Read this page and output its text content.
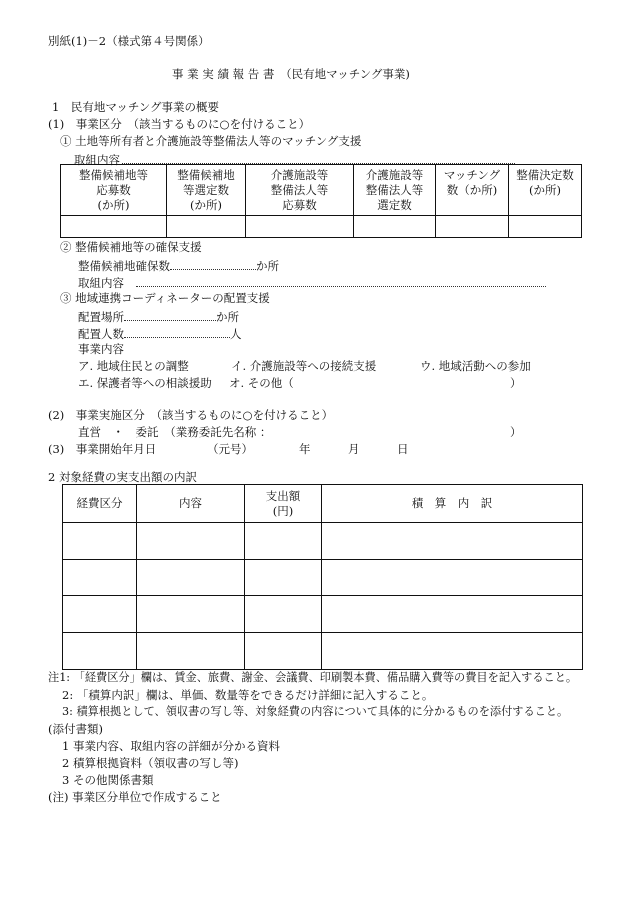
別紙(1)－2（様式第４号関係）
事 業 実 績 報 告 書　（民有地マッチング事業)
1　民有地マッチング事業の概要
(1)　事業区分　（該当するものに○を付けること）
① 土地等所有者と介護施設等整備法人等のマッチング支援
取組内容
整備候補地等
応募数
(か所)	整備候補地
等選定数
(か所)	介護施設等
整備法人等
応募数	介護施設等
整備法人等
選定数	マッチング
数（か所)	整備決定数
(か所)

② 整備候補地等の確保支援
整備候補地確保数	か所
取組内容
③ 地域連携コーディネーターの配置支援
配置場所	か所
配置人数	人
事業内容
ア. 地域住民との調整	イ. 介護施設等への接続支援	ウ. 地域活動への参加
エ. 保護者等への相談援助 オ. その他（	）
(2)　事業実施区分　（該当するものに○を付けること）
直営　・　委託　（業務委託先名称 ：	）
(3)　事業開始年月日	（元号）	年	月	日
2 対象経費の実支出額の内訳
経費区分	内容	支出額
(円)	積　算　内　訳

注1: 「経費区分」欄は、賃金、旅費、謝金、会議費、印刷製本費、備品購入費等の費目を記入すること。
2: 「積算内訳」欄は、単価、数量等をできるだけ詳細に記入すること。
3: 積算根拠として、領収書の写し等、対象経費の内容について具体的に分かるものを添付すること。
(添付書類)
1 事業内容、取組内容の詳細が分かる資料
2 積算根拠資料（領収書の写し等)
3 その他関係書類
(注) 事業区分単位で作成すること
